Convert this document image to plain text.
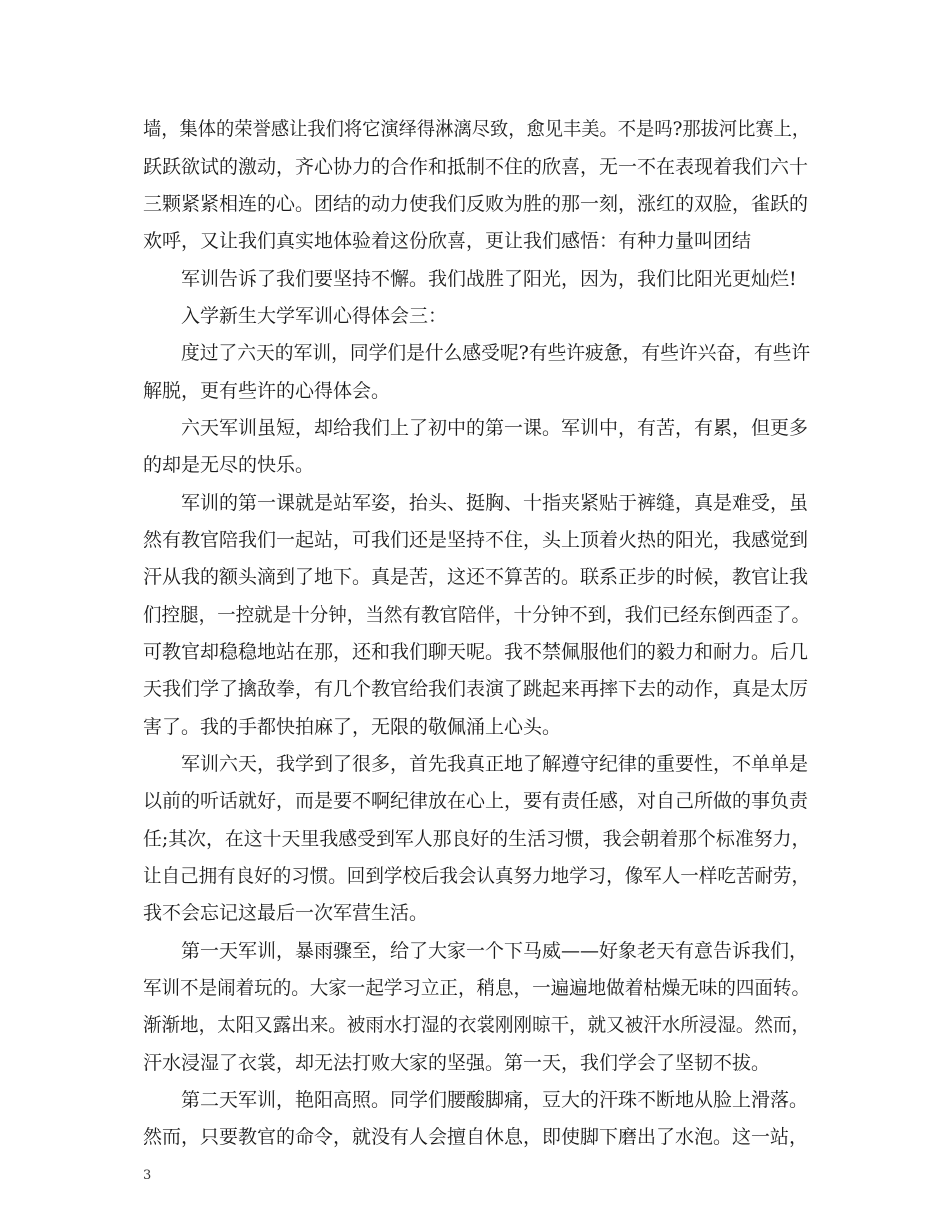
墙，集体的荣誉感让我们将它演绎得淋漓尽致，愈见丰美。不是吗?那拔河比赛上，
跃跃欲试的激动，齐心协力的合作和抵制不住的欣喜，无一不在表现着我们六十
三颗紧紧相连的心。团结的动力使我们反败为胜的那一刻，涨红的双脸，雀跃的
欢呼，又让我们真实地体验着这份欣喜，更让我们感悟：有种力量叫团结
军训告诉了我们要坚持不懈。我们战胜了阳光，因为，我们比阳光更灿烂!
入学新生大学军训心得体会三：
度过了六天的军训，同学们是什么感受呢?有些许疲惫，有些许兴奋，有些许
解脱，更有些许的心得体会。
六天军训虽短，却给我们上了初中的第一课。军训中，有苦，有累，但更多
的却是无尽的快乐。
军训的第一课就是站军姿，抬头、挺胸、十指夹紧贴于裤缝，真是难受，虽
然有教官陪我们一起站，可我们还是坚持不住，头上顶着火热的阳光，我感觉到
汗从我的额头滴到了地下。真是苦，这还不算苦的。联系正步的时候，教官让我
们控腿，一控就是十分钟，当然有教官陪伴，十分钟不到，我们已经东倒西歪了。
可教官却稳稳地站在那，还和我们聊天呢。我不禁佩服他们的毅力和耐力。后几
天我们学了擒敌拳，有几个教官给我们表演了跳起来再摔下去的动作，真是太厉
害了。我的手都快拍麻了，无限的敬佩涌上心头。
军训六天，我学到了很多，首先我真正地了解遵守纪律的重要性，不单单是
以前的听话就好，而是要不啊纪律放在心上，要有责任感，对自己所做的事负责
任;其次，在这十天里我感受到军人那良好的生活习惯，我会朝着那个标准努力，
让自己拥有良好的习惯。回到学校后我会认真努力地学习，像军人一样吃苦耐劳，
我不会忘记这最后一次军营生活。
第一天军训，暴雨骤至，给了大家一个下马威——好象老天有意告诉我们，
军训不是闹着玩的。大家一起学习立正，稍息，一遍遍地做着枯燥无味的四面转。
渐渐地，太阳又露出来。被雨水打湿的衣裳刚刚晾干，就又被汗水所浸湿。然而，
汗水浸湿了衣裳，却无法打败大家的坚强。第一天，我们学会了坚韧不拔。
第二天军训，艳阳高照。同学们腰酸脚痛，豆大的汗珠不断地从脸上滑落。
然而，只要教官的命令，就没有人会擅自休息，即使脚下磨出了水泡。这一站，
3
